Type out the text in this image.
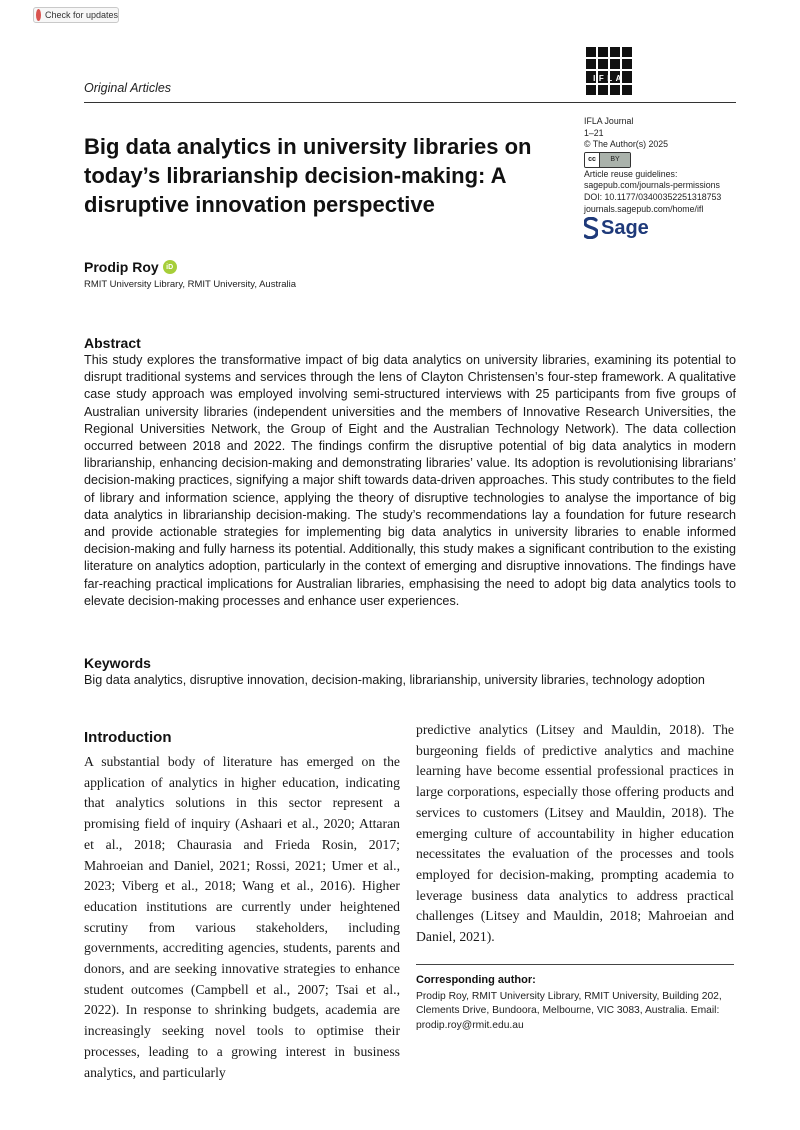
Check for updates
IFLA
Original Articles
Big data analytics in university libraries on today’s librarianship decision-making: A disruptive innovation perspective
IFLA Journal
1–21
© The Author(s) 2025
cc	BY
Article reuse guidelines:
sagepub.com/journals-permissions
DOI: 10.1177/03400352251318753
journals.sagepub.com/home/ifl
Sage
Prodip Roy	iD
RMIT University Library, RMIT University, Australia
Abstract
This study explores the transformative impact of big data analytics on university libraries, examining its potential to disrupt traditional systems and services through the lens of Clayton Christensen’s four-step framework. A qualitative case study approach was employed involving semi-structured interviews with 25 participants from five groups of Australian university libraries (independent universities and the members of Innovative Research Universities, the Regional Universities Network, the Group of Eight and the Australian Technology Network). The data collection occurred between 2018 and 2022. The findings confirm the disruptive potential of big data analytics in modern librarianship, enhancing decision-making and demonstrating libraries’ value. Its adoption is revolutionising librarians’ decision-making practices, signifying a major shift towards data-driven approaches. This study contributes to the field of library and information science, applying the theory of disruptive technologies to analyse the importance of big data analytics in librarianship decision-making. The study’s recommendations lay a foundation for future research and provide actionable strategies for implementing big data analytics in university libraries to enable informed decision-making and fully harness its potential. Additionally, this study makes a significant contribution to the existing literature on analytics adoption, particularly in the context of emerging and disruptive innovations. The findings have far-reaching practical implications for Australian libraries, emphasising the need to adopt big data analytics tools to elevate decision-making processes and enhance user experiences.
Keywords
Big data analytics, disruptive innovation, decision-making, librarianship, university libraries, technology adoption
Introduction
A substantial body of literature has emerged on the application of analytics in higher education, indicating that analytics solutions in this sector represent a promising field of inquiry (Ashaari et al., 2020; Attaran et al., 2018; Chaurasia and Frieda Rosin, 2017; Mahroeian and Daniel, 2021; Rossi, 2021; Umer et al., 2023; Viberg et al., 2018; Wang et al., 2016). Higher education institutions are currently under heightened scrutiny from various stakeholders, including governments, accrediting agencies, students, parents and donors, and are seeking innovative strategies to enhance student outcomes (Campbell et al., 2007; Tsai et al., 2022). In response to shrinking budgets, academia are increasingly seeking novel tools to optimise their processes, leading to a growing interest in business analytics, and particularly
predictive analytics (Litsey and Mauldin, 2018). The burgeoning fields of predictive analytics and machine learning have become essential professional practices in large corporations, especially those offering products and services to customers (Litsey and Mauldin, 2018). The emerging culture of accountability in higher education necessitates the evaluation of the processes and tools employed for decision-making, prompting academia to leverage business data analytics to address practical challenges (Litsey and Mauldin, 2018; Mahroeian and Daniel, 2021).
Corresponding author:
Prodip Roy, RMIT University Library, RMIT University, Building 202, Clements Drive, Bundoora, Melbourne, VIC 3083, Australia. Email: prodip.roy@rmit.edu.au
